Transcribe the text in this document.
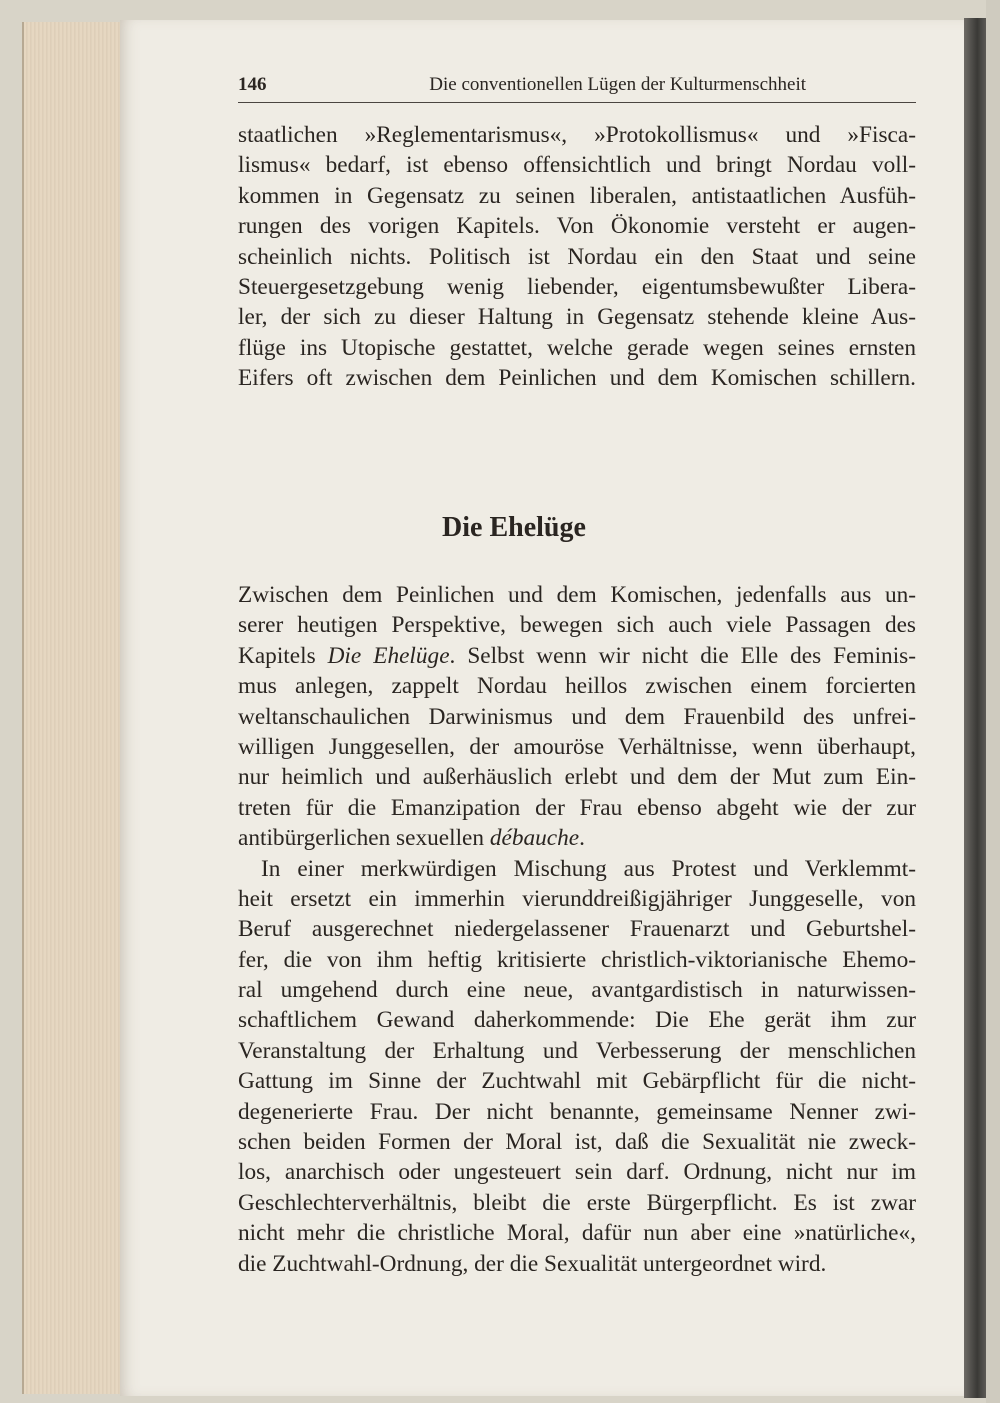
146	Die conventionellen Lügen der Kulturmenschheit
staatlichen »Reglementarismus«, »Protokollismus« und »Fisca-
lismus« bedarf, ist ebenso offensichtlich und bringt Nordau voll-
kommen in Gegensatz zu seinen liberalen, antistaatlichen Ausfüh-
rungen des vorigen Kapitels. Von Ökonomie versteht er augen-
scheinlich nichts. Politisch ist Nordau ein den Staat und seine
Steuergesetzgebung wenig liebender, eigentumsbewußter Libera-
ler, der sich zu dieser Haltung in Gegensatz stehende kleine Aus-
flüge ins Utopische gestattet, welche gerade wegen seines ernsten
Eifers oft zwischen dem Peinlichen und dem Komischen schillern.
Die Ehelüge
Zwischen dem Peinlichen und dem Komischen, jedenfalls aus un-
serer heutigen Perspektive, bewegen sich auch viele Passagen des
Kapitels Die Ehelüge. Selbst wenn wir nicht die Elle des Feminis-
mus anlegen, zappelt Nordau heillos zwischen einem forcierten
weltanschaulichen Darwinismus und dem Frauenbild des unfrei-
willigen Junggesellen, der amouröse Verhältnisse, wenn überhaupt,
nur heimlich und außerhäuslich erlebt und dem der Mut zum Ein-
treten für die Emanzipation der Frau ebenso abgeht wie der zur
antibürgerlichen sexuellen débauche.
In einer merkwürdigen Mischung aus Protest und Verklemmt-
heit ersetzt ein immerhin vierunddreißigjähriger Junggeselle, von
Beruf ausgerechnet niedergelassener Frauenarzt und Geburtshel-
fer, die von ihm heftig kritisierte christlich-viktorianische Ehemo-
ral umgehend durch eine neue, avantgardistisch in naturwissen-
schaftlichem Gewand daherkommende: Die Ehe gerät ihm zur
Veranstaltung der Erhaltung und Verbesserung der menschlichen
Gattung im Sinne der Zuchtwahl mit Gebärpflicht für die nicht-
degenerierte Frau. Der nicht benannte, gemeinsame Nenner zwi-
schen beiden Formen der Moral ist, daß die Sexualität nie zweck-
los, anarchisch oder ungesteuert sein darf. Ordnung, nicht nur im
Geschlechterverhältnis, bleibt die erste Bürgerpflicht. Es ist zwar
nicht mehr die christliche Moral, dafür nun aber eine »natürliche«,
die Zuchtwahl-Ordnung, der die Sexualität untergeordnet wird.
